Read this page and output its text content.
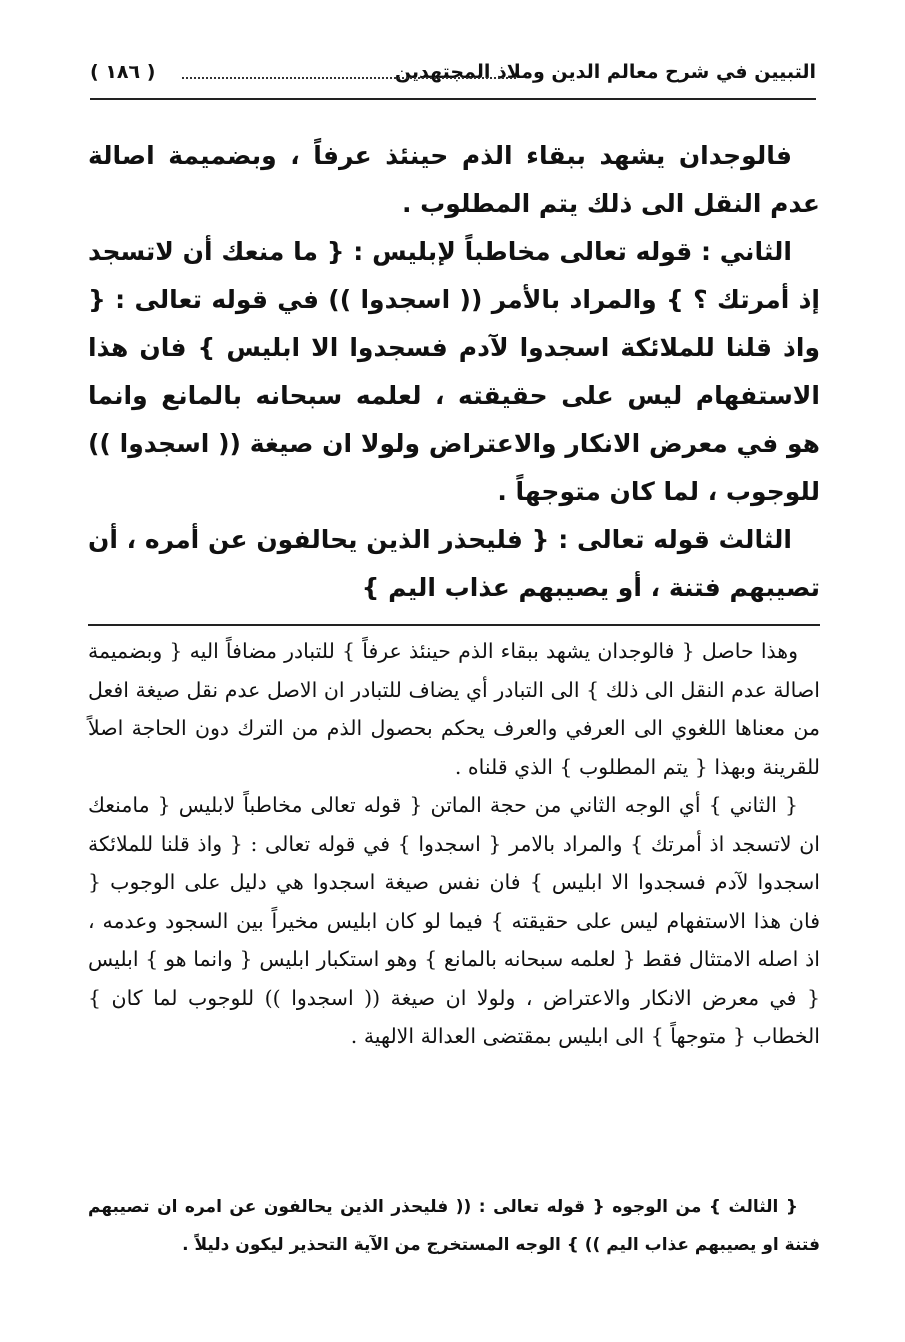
التبيين في شرح معالم الدين وملاذ المجتهدين
( ١٨٦ )

فالوجدان يشهد ببقاء الذم حينئذ عرفاً ، وبضميمة اصالة عدم النقل الى ذلك يتم المطلوب .

الثاني : قوله تعالى مخاطباً لإبليس : { ما منعك أن لاتسجد إذ أمرتك ؟ } والمراد بالأمر (( اسجدوا )) في قوله تعالى : { واذ قلنا للملائكة اسجدوا لآدم فسجدوا الا ابليس } فان هذا الاستفهام ليس على حقيقته ، لعلمه سبحانه بالمانع وانما هو في معرض الانكار والاعتراض ولولا ان صيغة (( اسجدوا )) للوجوب ، لما كان متوجهاً .

الثالث قوله تعالى : { فليحذر الذين يحالفون عن أمره ، أن تصيبهم فتنة ، أو يصيبهم عذاب اليم }

وهذا حاصل { فالوجدان يشهد ببقاء الذم حينئذ عرفاً } للتبادر مضافاً اليه { وبضميمة اصالة عدم النقل الى ذلك } الى التبادر أي يضاف للتبادر ان الاصل عدم نقل صيغة افعل من معناها اللغوي الى العرفي والعرف يحكم بحصول الذم من الترك دون الحاجة اصلاً للقرينة وبهذا { يتم المطلوب } الذي قلناه .

{ الثاني } أي الوجه الثاني من حجة الماتن { قوله تعالى مخاطباً لابليس { مامنعك ان لاتسجد اذ أمرتك } والمراد بالامر { اسجدوا } في قوله تعالى : { واذ قلنا للملائكة اسجدوا لآدم فسجدوا الا ابليس } فان نفس صيغة اسجدوا هي دليل على الوجوب { فان هذا الاستفهام ليس على حقيقته } فيما لو كان ابليس مخيراً بين السجود وعدمه ، اذ اصله الامتثال فقط { لعلمه سبحانه بالمانع } وهو استكبار ابليس { وانما هو } ابليس { في معرض الانكار والاعتراض ، ولولا ان صيغة (( اسجدوا )) للوجوب لما كان } الخطاب { متوجهاً } الى ابليس بمقتضى العدالة الالهية .

{ الثالث } من الوجوه { قوله تعالى : (( فليحذر الذين يحالفون عن امره ان تصيبهم فتنة او يصيبهم عذاب اليم )) } الوجه المستخرج من الآية التحذير ليكون دليلاً .
